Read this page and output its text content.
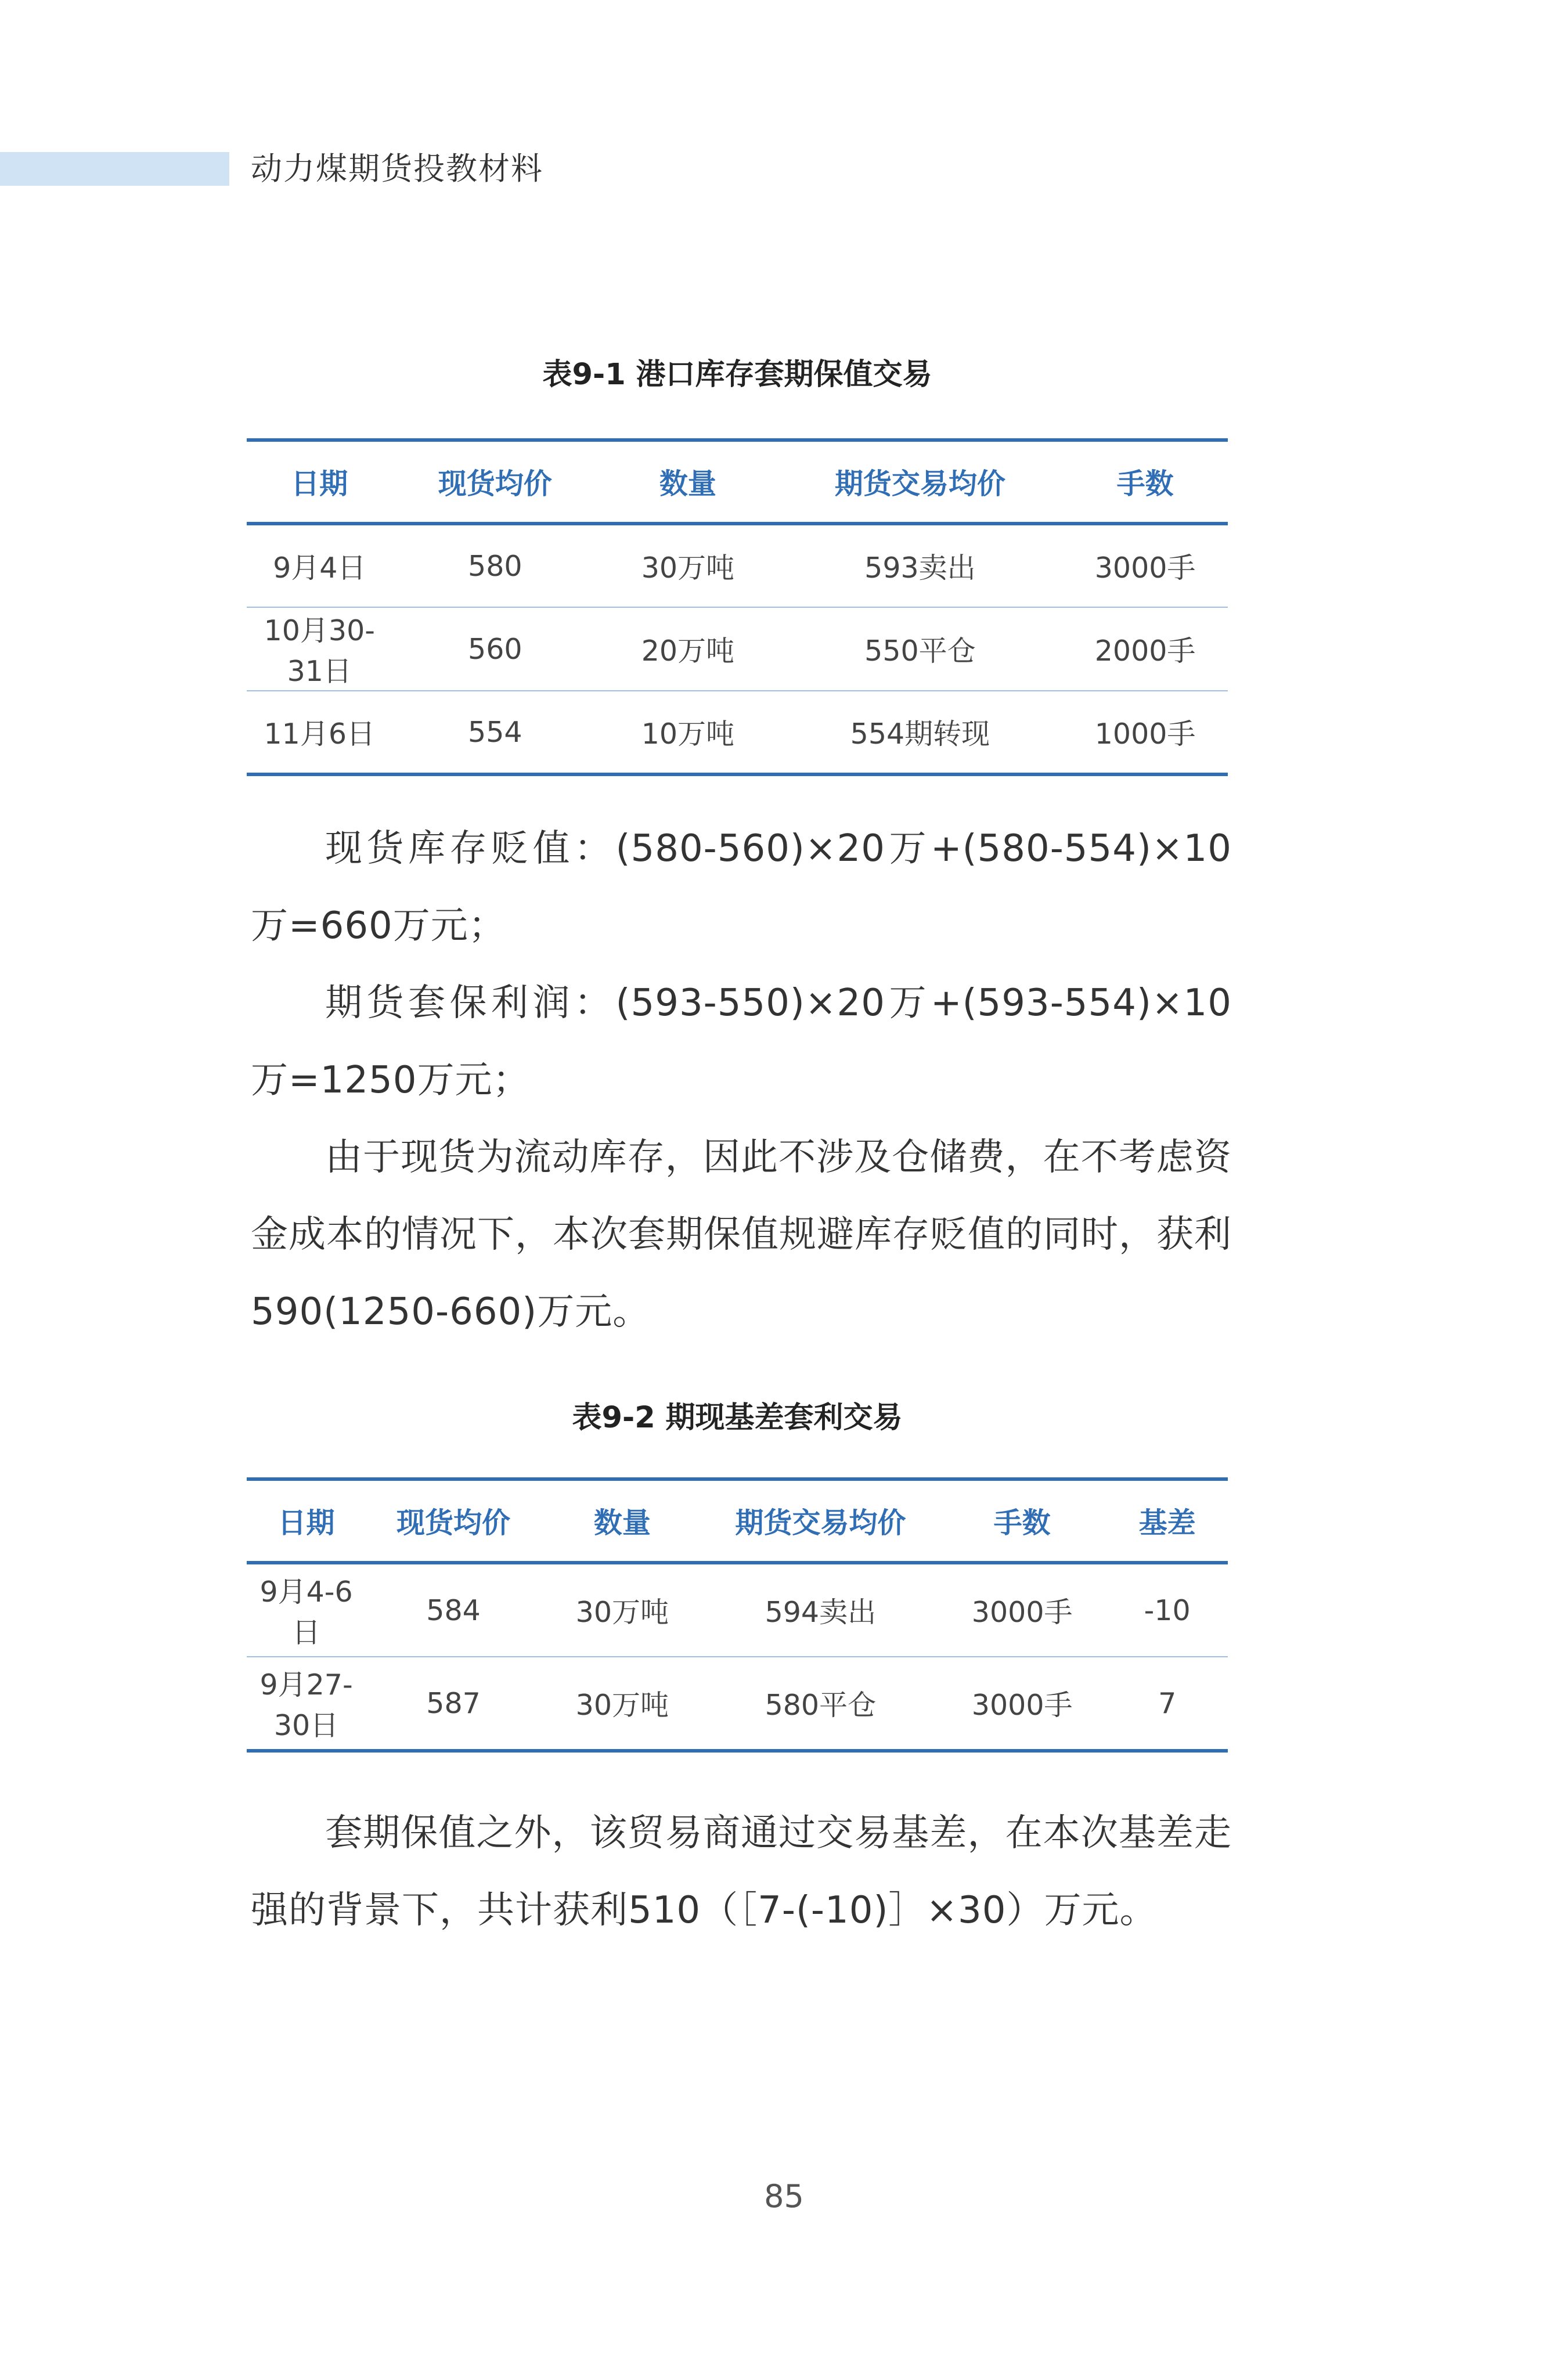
动力煤期货投教材料
表9-1 港口库存套期保值交易
日期	现货均价	数量	期货交易均价	手数
9月4日	580	30万吨	593卖出	3000手
10月30-31日	560	20万吨	550平仓	2000手
11月6日	554	10万吨	554期转现	1000手
现货库存贬值：(580-560)×20万+(580-554)×10万=660万元；
期货套保利润：(593-550)×20万+(593-554)×10万=1250万元；
由于现货为流动库存，因此不涉及仓储费，在不考虑资金成本的情况下，本次套期保值规避库存贬值的同时，获利590(1250-660)万元。
表9-2 期现基差套利交易
日期	现货均价	数量	期货交易均价	手数	基差
9月4-6日	584	30万吨	594卖出	3000手	-10
9月27-30日	587	30万吨	580平仓	3000手	7
套期保值之外，该贸易商通过交易基差，在本次基差走强的背景下，共计获利510（［7-(-10)］×30）万元。
85
